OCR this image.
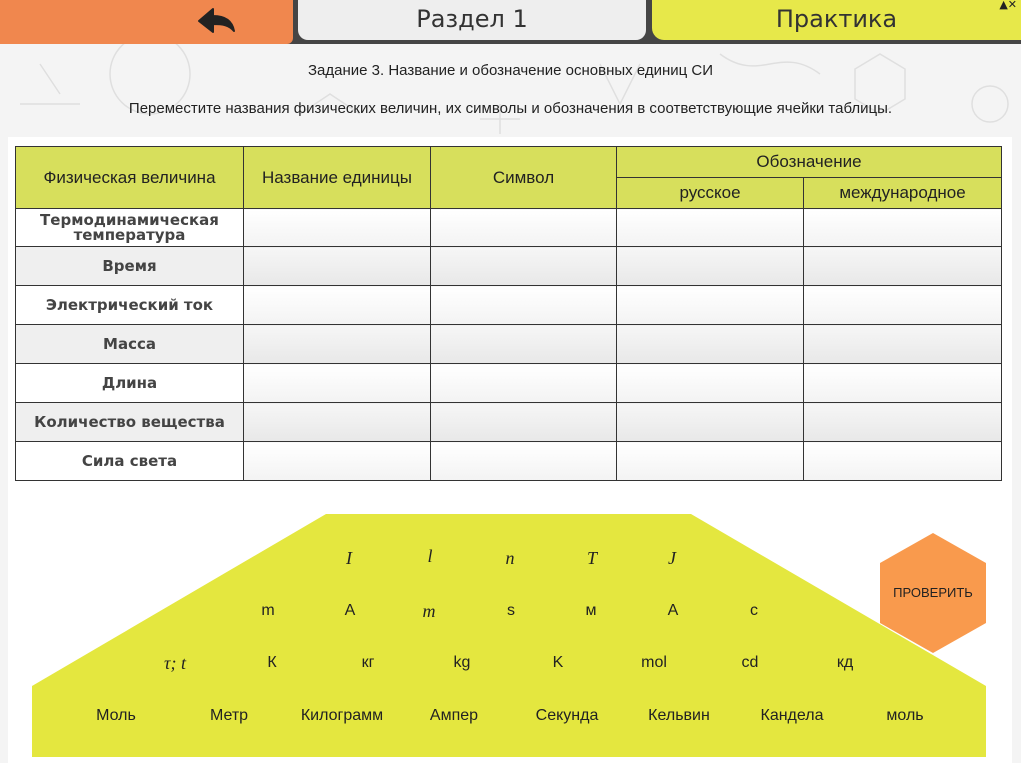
Раздел 1	Практика
▲✕
Задание 3. Название и обозначение основных единиц СИ
Переместите названия физических величин, их символы и обозначения в соответствующие ячейки таблицы.
Физическая величина	Название единицы	Символ	Обозначение	
			русское	международное
Термодинамическая температура				
Время				
Электрический ток				
Масса				
Длина				
Количество вещества				
Сила света				
I	l	n	T	J
m	A	m	s	м	А	с
τ; t	К	кг	kg	K	mol	cd	кд
Моль	Метр	Килограмм	Ампер	Секунда	Кельвин	Кандела	моль
ПРОВЕРИТЬ
